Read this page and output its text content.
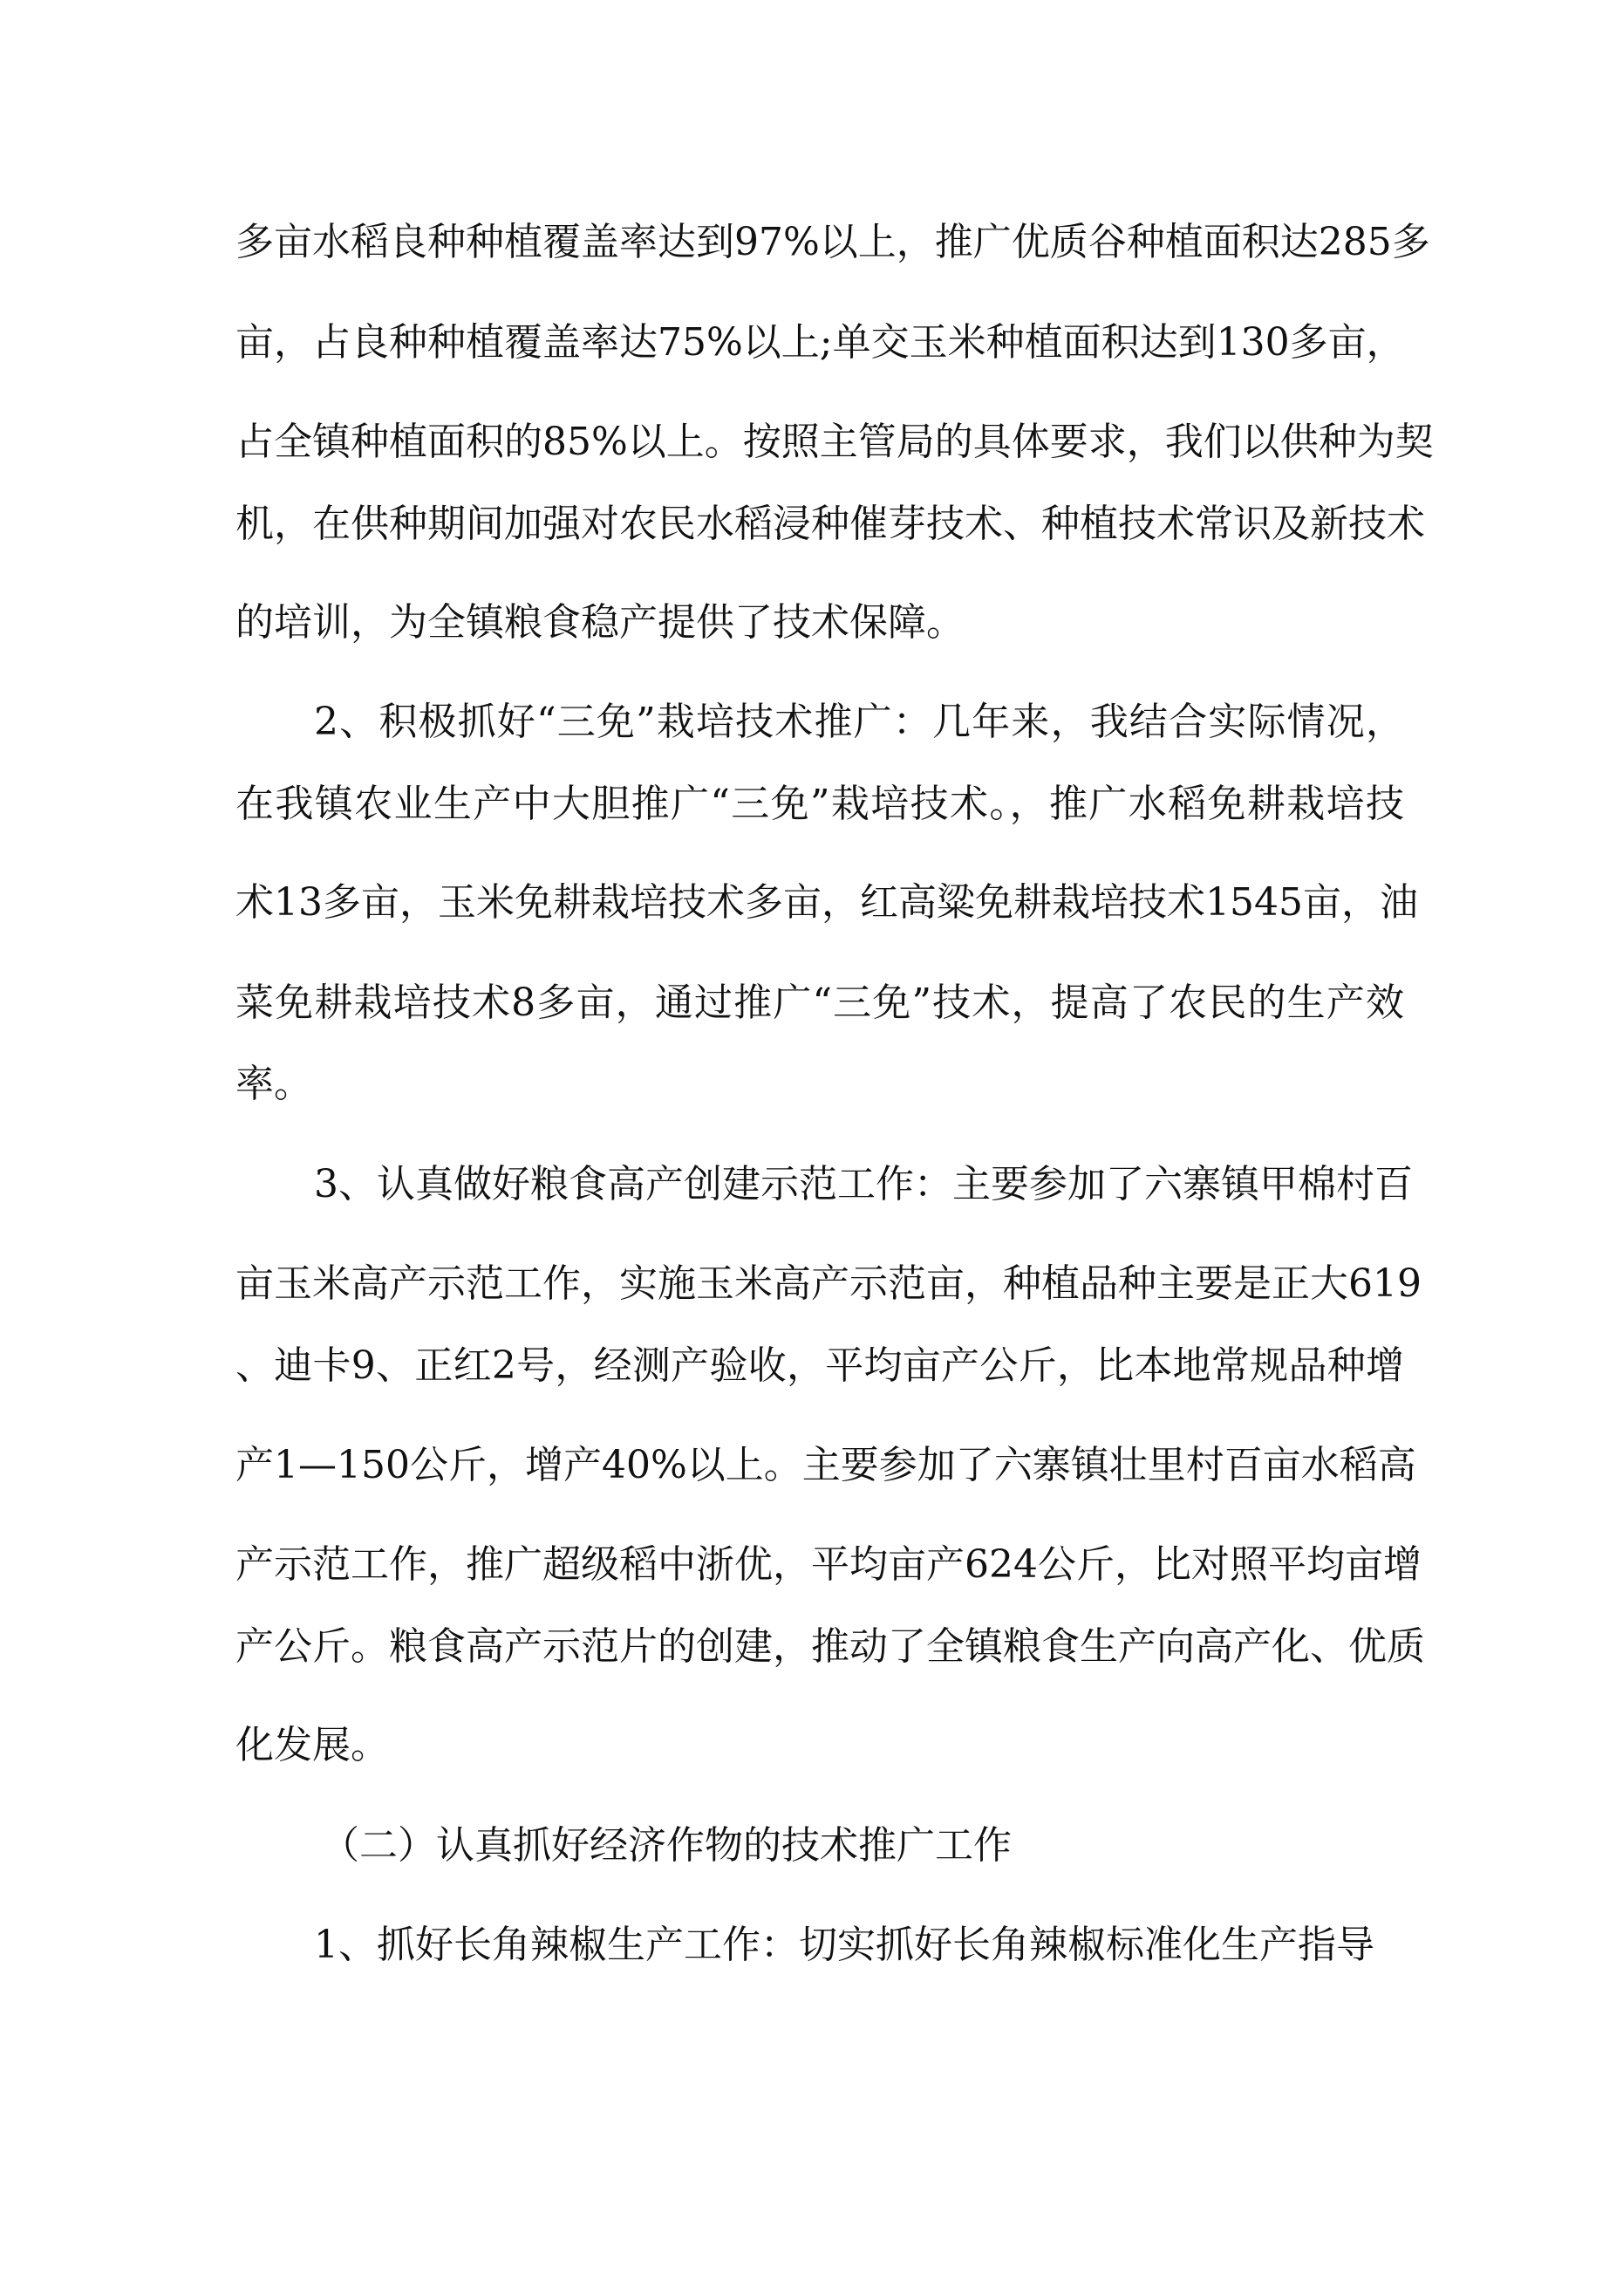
多亩水稻良种种植覆盖率达到97%以上，推广优质谷种植面积达285多
亩，占良种种植覆盖率达75%以上;单交玉米种植面积达到130多亩，
占全镇种植面积的85%以上。按照主管局的具体要求，我们以供种为契
机，在供种期间加强对农民水稻浸种催芽技术、种植技术常识及新技术
的培训，为全镇粮食稳产提供了技术保障。
2、积极抓好“三免”栽培技术推广：几年来，我结合实际情况，
在我镇农业生产中大胆推广“三免”栽培技术。，推广水稻免耕栽培技
术13多亩，玉米免耕栽培技术多亩，红高粱免耕栽培技术1545亩，油
菜免耕栽培技术8多亩，通过推广“三免”技术，提高了农民的生产效
率。
3、认真做好粮食高产创建示范工作：主要参加了六寨镇甲棉村百
亩玉米高产示范工作，实施玉米高产示范亩，种植品种主要是正大619
、迪卡9、正红2号，经测产验收，平均亩产公斤，比本地常规品种增
产1—150公斤，增产40%以上。主要参加了六寨镇壮里村百亩水稻高
产示范工作，推广超级稻中浙优，平均亩产624公斤，比对照平均亩增
产公斤。粮食高产示范片的创建，推动了全镇粮食生产向高产化、优质
化发展。
（二）认真抓好经济作物的技术推广工作
1、抓好长角辣椒生产工作：切实抓好长角辣椒标准化生产指导
